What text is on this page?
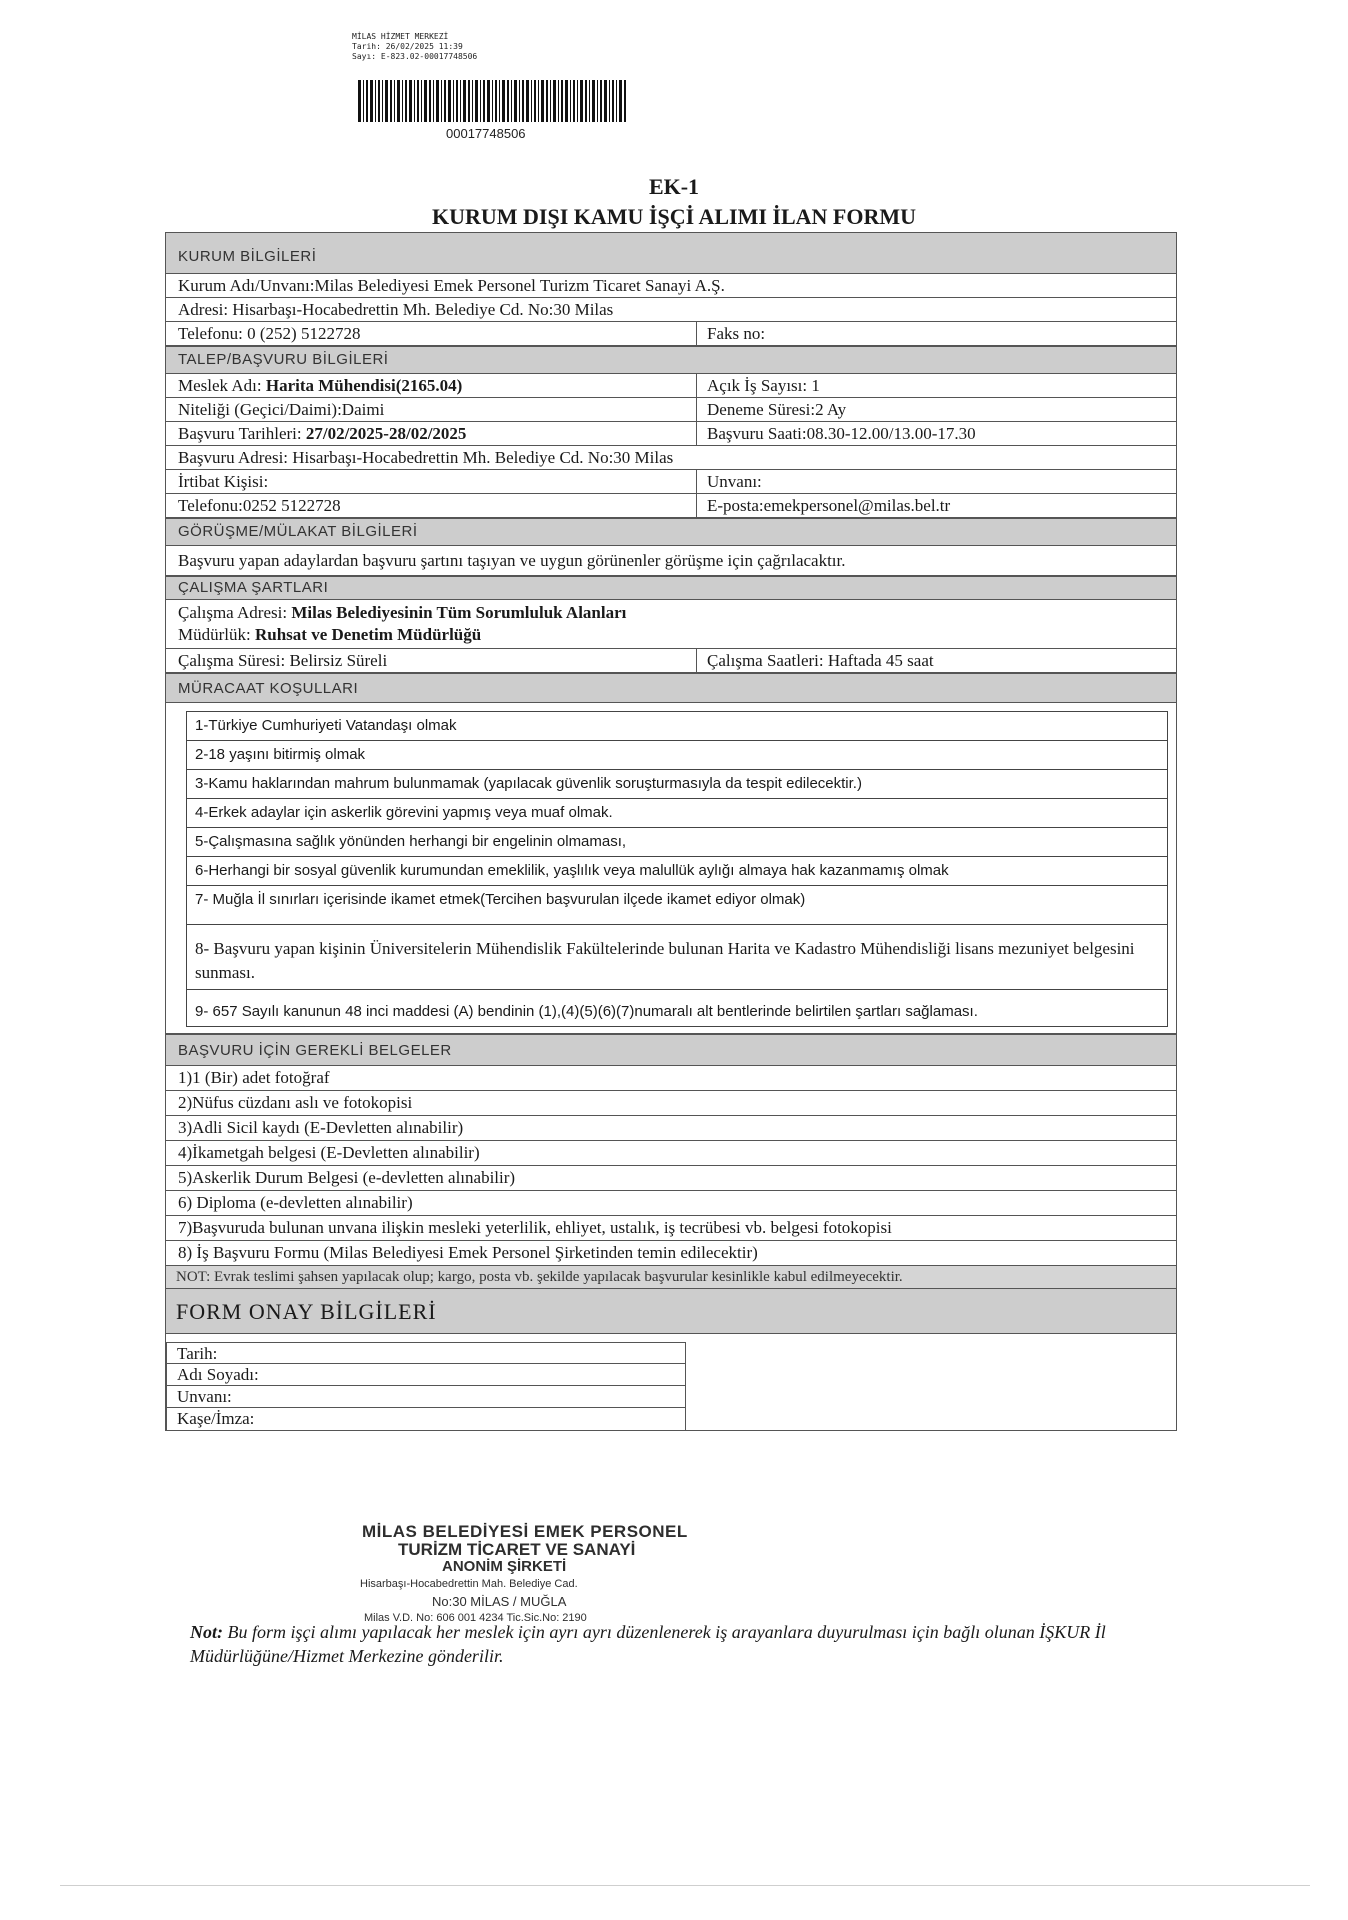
MİLAS HİZMET MERKEZİ
Tarih: 26/02/2025 11:39
Sayı: E-823.02-00017748506
00017748506
EK-1
KURUM DIŞI KAMU İŞÇİ ALIMI İLAN FORMU
KURUM BİLGİLERİ
Kurum Adı/Unvanı:Milas Belediyesi Emek Personel Turizm Ticaret Sanayi A.Ş.
Adresi: Hisarbaşı-Hocabedrettin Mh. Belediye Cd. No:30 Milas
Telefonu: 0 (252) 5122728	Faks no:
TALEP/BAŞVURU BİLGİLERİ
Meslek Adı: Harita Mühendisi(2165.04)	Açık İş Sayısı: 1
Niteliği (Geçici/Daimi):Daimi	Deneme Süresi:2 Ay
Başvuru Tarihleri: 27/02/2025-28/02/2025	Başvuru Saati:08.30-12.00/13.00-17.30
Başvuru Adresi: Hisarbaşı-Hocabedrettin Mh. Belediye Cd. No:30 Milas
İrtibat Kişisi:	Unvanı:
Telefonu:0252 5122728	E-posta:emekpersonel@milas.bel.tr
GÖRÜŞME/MÜLAKAT BİLGİLERİ
Başvuru yapan adaylardan başvuru şartını taşıyan ve uygun görünenler görüşme için çağrılacaktır.
ÇALIŞMA ŞARTLARI
Çalışma Adresi: Milas Belediyesinin Tüm Sorumluluk Alanları
Müdürlük: Ruhsat ve Denetim Müdürlüğü
Çalışma Süresi: Belirsiz Süreli	Çalışma Saatleri: Haftada 45 saat
MÜRACAAT KOŞULLARI
1-Türkiye Cumhuriyeti Vatandaşı olmak
2-18 yaşını bitirmiş olmak
3-Kamu haklarından mahrum bulunmamak (yapılacak güvenlik soruşturmasıyla da tespit edilecektir.)
4-Erkek adaylar için askerlik görevini yapmış veya muaf olmak.
5-Çalışmasına sağlık yönünden herhangi bir engelinin olmaması,
6-Herhangi bir sosyal güvenlik kurumundan emeklilik, yaşlılık veya malullük aylığı almaya hak kazanmamış olmak
7- Muğla İl sınırları içerisinde ikamet etmek(Tercihen başvurulan ilçede ikamet ediyor olmak)
8- Başvuru yapan kişinin Üniversitelerin Mühendislik Fakültelerinde bulunan Harita ve Kadastro Mühendisliği lisans mezuniyet belgesini sunması.
9- 657 Sayılı kanunun 48 inci maddesi (A) bendinin (1),(4)(5)(6)(7)numaralı alt bentlerinde belirtilen şartları sağlaması.
BAŞVURU İÇİN GEREKLİ BELGELER
1)1 (Bir) adet fotoğraf
2)Nüfus cüzdanı aslı ve fotokopisi
3)Adli Sicil kaydı (E-Devletten alınabilir)
4)İkametgah belgesi (E-Devletten alınabilir)
5)Askerlik Durum Belgesi (e-devletten alınabilir)
6) Diploma (e-devletten alınabilir)
7)Başvuruda bulunan unvana ilişkin mesleki yeterlilik, ehliyet, ustalık, iş tecrübesi vb. belgesi fotokopisi
8) İş Başvuru Formu (Milas Belediyesi Emek Personel Şirketinden temin edilecektir)
NOT: Evrak teslimi şahsen yapılacak olup; kargo, posta vb. şekilde yapılacak başvurular kesinlikle kabul edilmeyecektir.
FORM ONAY BİLGİLERİ
Tarih:
Adı Soyadı:
Unvanı:
Kaşe/İmza:
MİLAS BELEDİYESİ EMEK PERSONEL
TURİZM TİCARET VE SANAYİ
ANONİM ŞİRKETİ
Hisarbaşı-Hocabedrettin Mah. Belediye Cad.
No:30 MİLAS / MUĞLA
Milas V.D. No: 606 001 4234 Tic.Sic.No: 2190
Not: Bu form işçi alımı yapılacak her meslek için ayrı ayrı düzenlenerek iş arayanlara duyurulması için bağlı olunan İŞKUR İl Müdürlüğüne/Hizmet Merkezine gönderilir.
